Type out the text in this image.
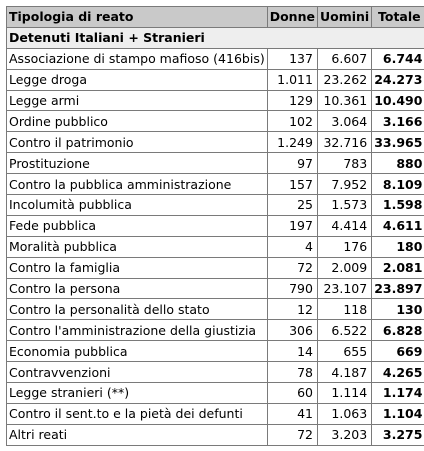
Tipologia di reato	Donne	Uomini	Totale
Detenuti Italiani + Stranieri			
Associazione di stampo mafioso (416bis)	137	6.607	6.744
Legge droga	1.011	23.262	24.273
Legge armi	129	10.361	10.490
Ordine pubblico	102	3.064	3.166
Contro il patrimonio	1.249	32.716	33.965
Prostituzione	97	783	880
Contro la pubblica amministrazione	157	7.952	8.109
Incolumità pubblica	25	1.573	1.598
Fede pubblica	197	4.414	4.611
Moralità pubblica	4	176	180
Contro la famiglia	72	2.009	2.081
Contro la persona	790	23.107	23.897
Contro la personalità dello stato	12	118	130
Contro l'amministrazione della giustizia	306	6.522	6.828
Economia pubblica	14	655	669
Contravvenzioni	78	4.187	4.265
Legge stranieri (**)	60	1.114	1.174
Contro il sent.to e la pietà dei defunti	41	1.063	1.104
Altri reati	72	3.203	3.275
